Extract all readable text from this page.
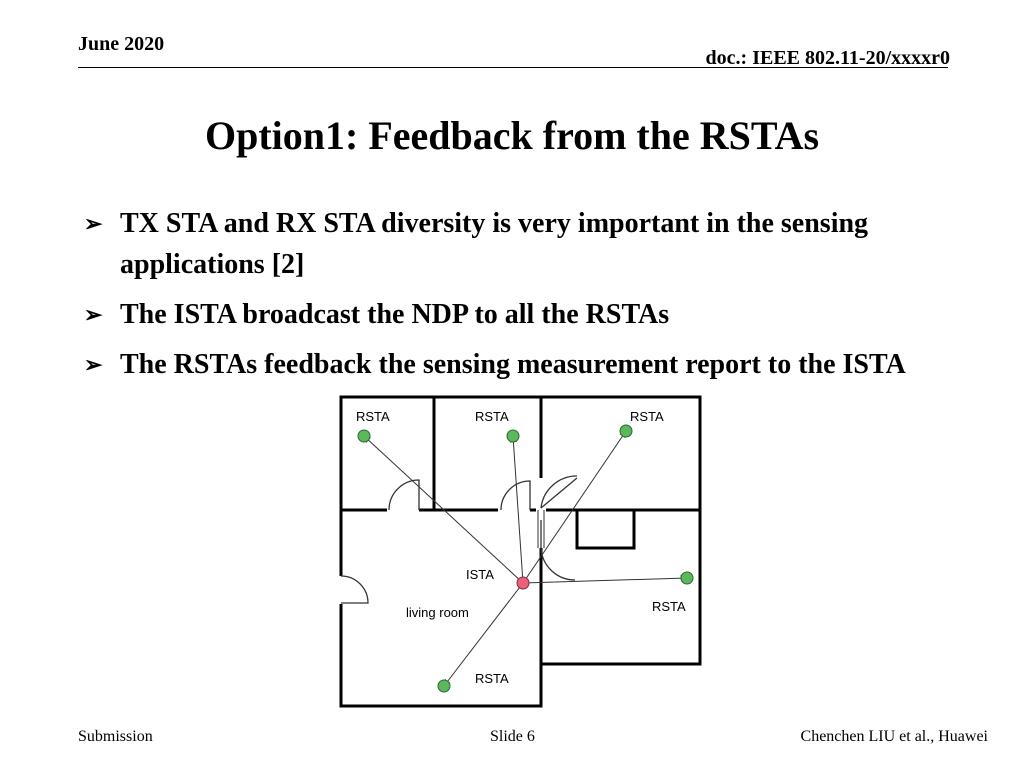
June 2020
doc.: IEEE 802.11-20/xxxxr0
Option1: Feedback from the RSTAs
➢ TX STA and RX STA diversity is very important in the sensing applications [2]
➢ The ISTA broadcast the NDP to all the RSTAs
➢ The RSTAs feedback the sensing measurement report to the ISTA
RSTA	RSTA	RSTA
RSTA
RSTA
ISTA
living room
Submission	Slide 6	Chenchen LIU et al., Huawei
